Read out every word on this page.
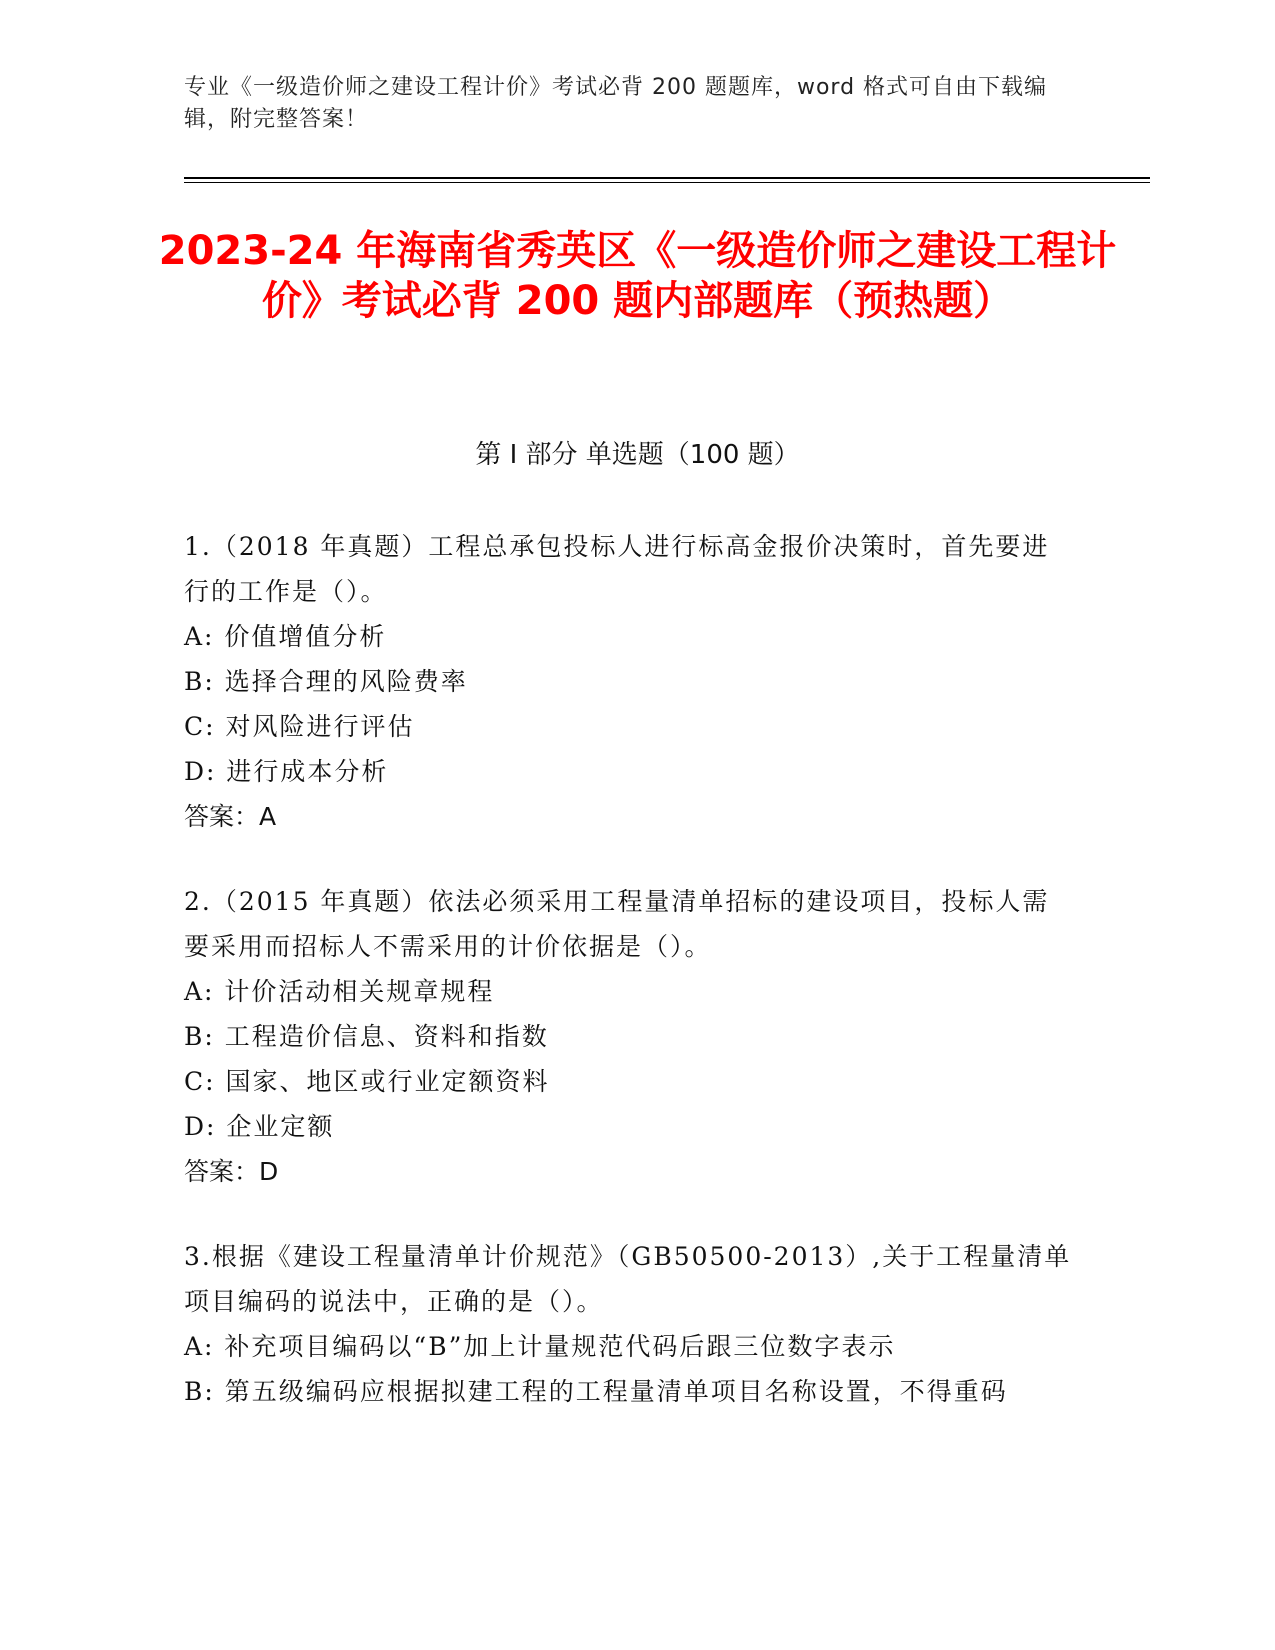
专业《一级造价师之建设工程计价》考试必背 200 题题库，word 格式可自由下载编辑，附完整答案！
2023-24 年海南省秀英区《一级造价师之建设工程计价》考试必背 200 题内部题库（预热题）
第 I 部分 单选题（100 题）

1.（2018 年真题）工程总承包投标人进行标高金报价决策时，首先要进行的工作是（）。

A: 价值增值分析

B: 选择合理的风险费率

C: 对风险进行评估

D: 进行成本分析

答案：A

2.（2015 年真题）依法必须采用工程量清单招标的建设项目，投标人需要采用而招标人不需采用的计价依据是（）。

A: 计价活动相关规章规程

B: 工程造价信息、资料和指数

C: 国家、地区或行业定额资料

D: 企业定额

答案：D

3.根据《建设工程量清单计价规范》（GB50500-2013）,关于工程量清单项目编码的说法中，正确的是（）。

A: 补充项目编码以“B”加上计量规范代码后跟三位数字表示

B: 第五级编码应根据拟建工程的工程量清单项目名称设置，不得重码
